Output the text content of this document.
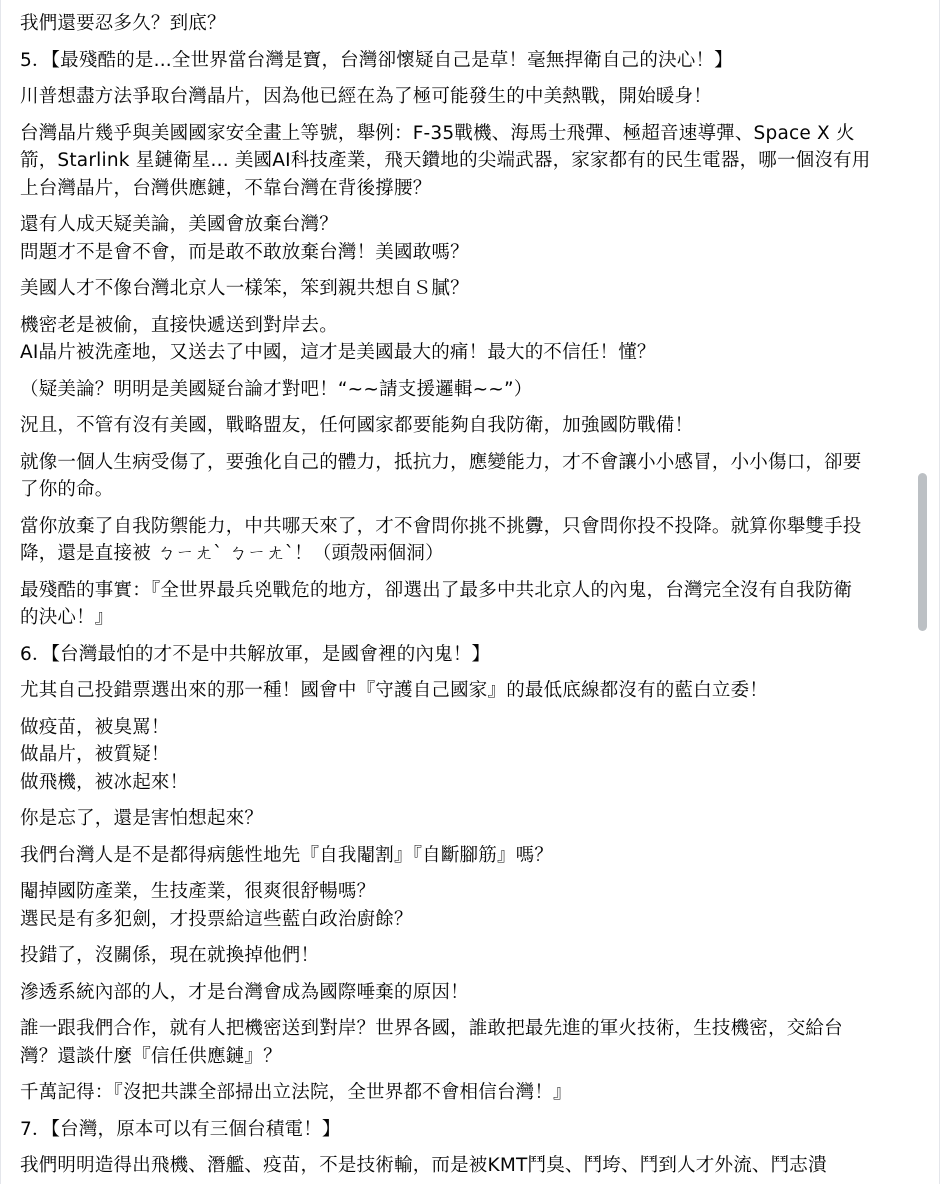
我們還要忍多久？到底？
5．【最殘酷的是...全世界當台灣是寶，台灣卻懷疑自己是草！毫無捍衛自己的決心！】
川普想盡方法爭取台灣晶片，因為他已經在為了極可能發生的中美熱戰，開始暖身！
台灣晶片幾乎與美國國家安全畫上等號，舉例：F-35戰機、海馬士飛彈、極超音速導彈、Space X 火
箭，Starlink 星鏈衛星... 美國AI科技產業，飛天鑽地的尖端武器，家家都有的民生電器，哪一個沒有用
上台灣晶片，台灣供應鏈，不靠台灣在背後撐腰？
還有人成天疑美論，美國會放棄台灣？
問題才不是會不會，而是敢不敢放棄台灣！美國敢嗎？
美國人才不像台灣北京人一樣笨，笨到親共想自Ｓ膩？
機密老是被偷，直接快遞送到對岸去。
AI晶片被洗產地，又送去了中國，這才是美國最大的痛！最大的不信任！懂？
（疑美論？明明是美國疑台論才對吧！“~~請支援邏輯~~”）
況且，不管有沒有美國，戰略盟友，任何國家都要能夠自我防衛，加強國防戰備！
就像一個人生病受傷了，要強化自己的體力，抵抗力，應變能力，才不會讓小小感冒，小小傷口，卻要
了你的命。
當你放棄了自我防禦能力，中共哪天來了，才不會問你挑不挑釁，只會問你投不投降。就算你舉雙手投
降，還是直接被 ㄅㄧㄤˋ ㄅㄧㄤˋ！（頭殼兩個洞）
最殘酷的事實：『全世界最兵兇戰危的地方，卻選出了最多中共北京人的內鬼，台灣完全沒有自我防衛
的決心！』
6．【台灣最怕的才不是中共解放軍，是國會裡的內鬼！】
尤其自己投錯票選出來的那一種！國會中『守護自己國家』的最低底線都沒有的藍白立委！
做疫苗，被臭罵！
做晶片，被質疑！
做飛機，被冰起來！
你是忘了，還是害怕想起來？
我們台灣人是不是都得病態性地先『自我閹割』『自斷腳筋』嗎？
閹掉國防產業，生技產業，很爽很舒暢嗎？
選民是有多犯劍，才投票給這些藍白政治廚餘？
投錯了，沒關係，現在就換掉他們！
滲透系統內部的人，才是台灣會成為國際唾棄的原因！
誰一跟我們合作，就有人把機密送到對岸？世界各國，誰敢把最先進的軍火技術，生技機密，交給台
灣？還談什麼『信任供應鏈』？
千萬記得：『沒把共諜全部掃出立法院，全世界都不會相信台灣！』
7．【台灣，原本可以有三個台積電！】
我們明明造得出飛機、潛艦、疫苗，不是技術輸，而是被KMT鬥臭、鬥垮、鬥到人才外流、鬥志潰
